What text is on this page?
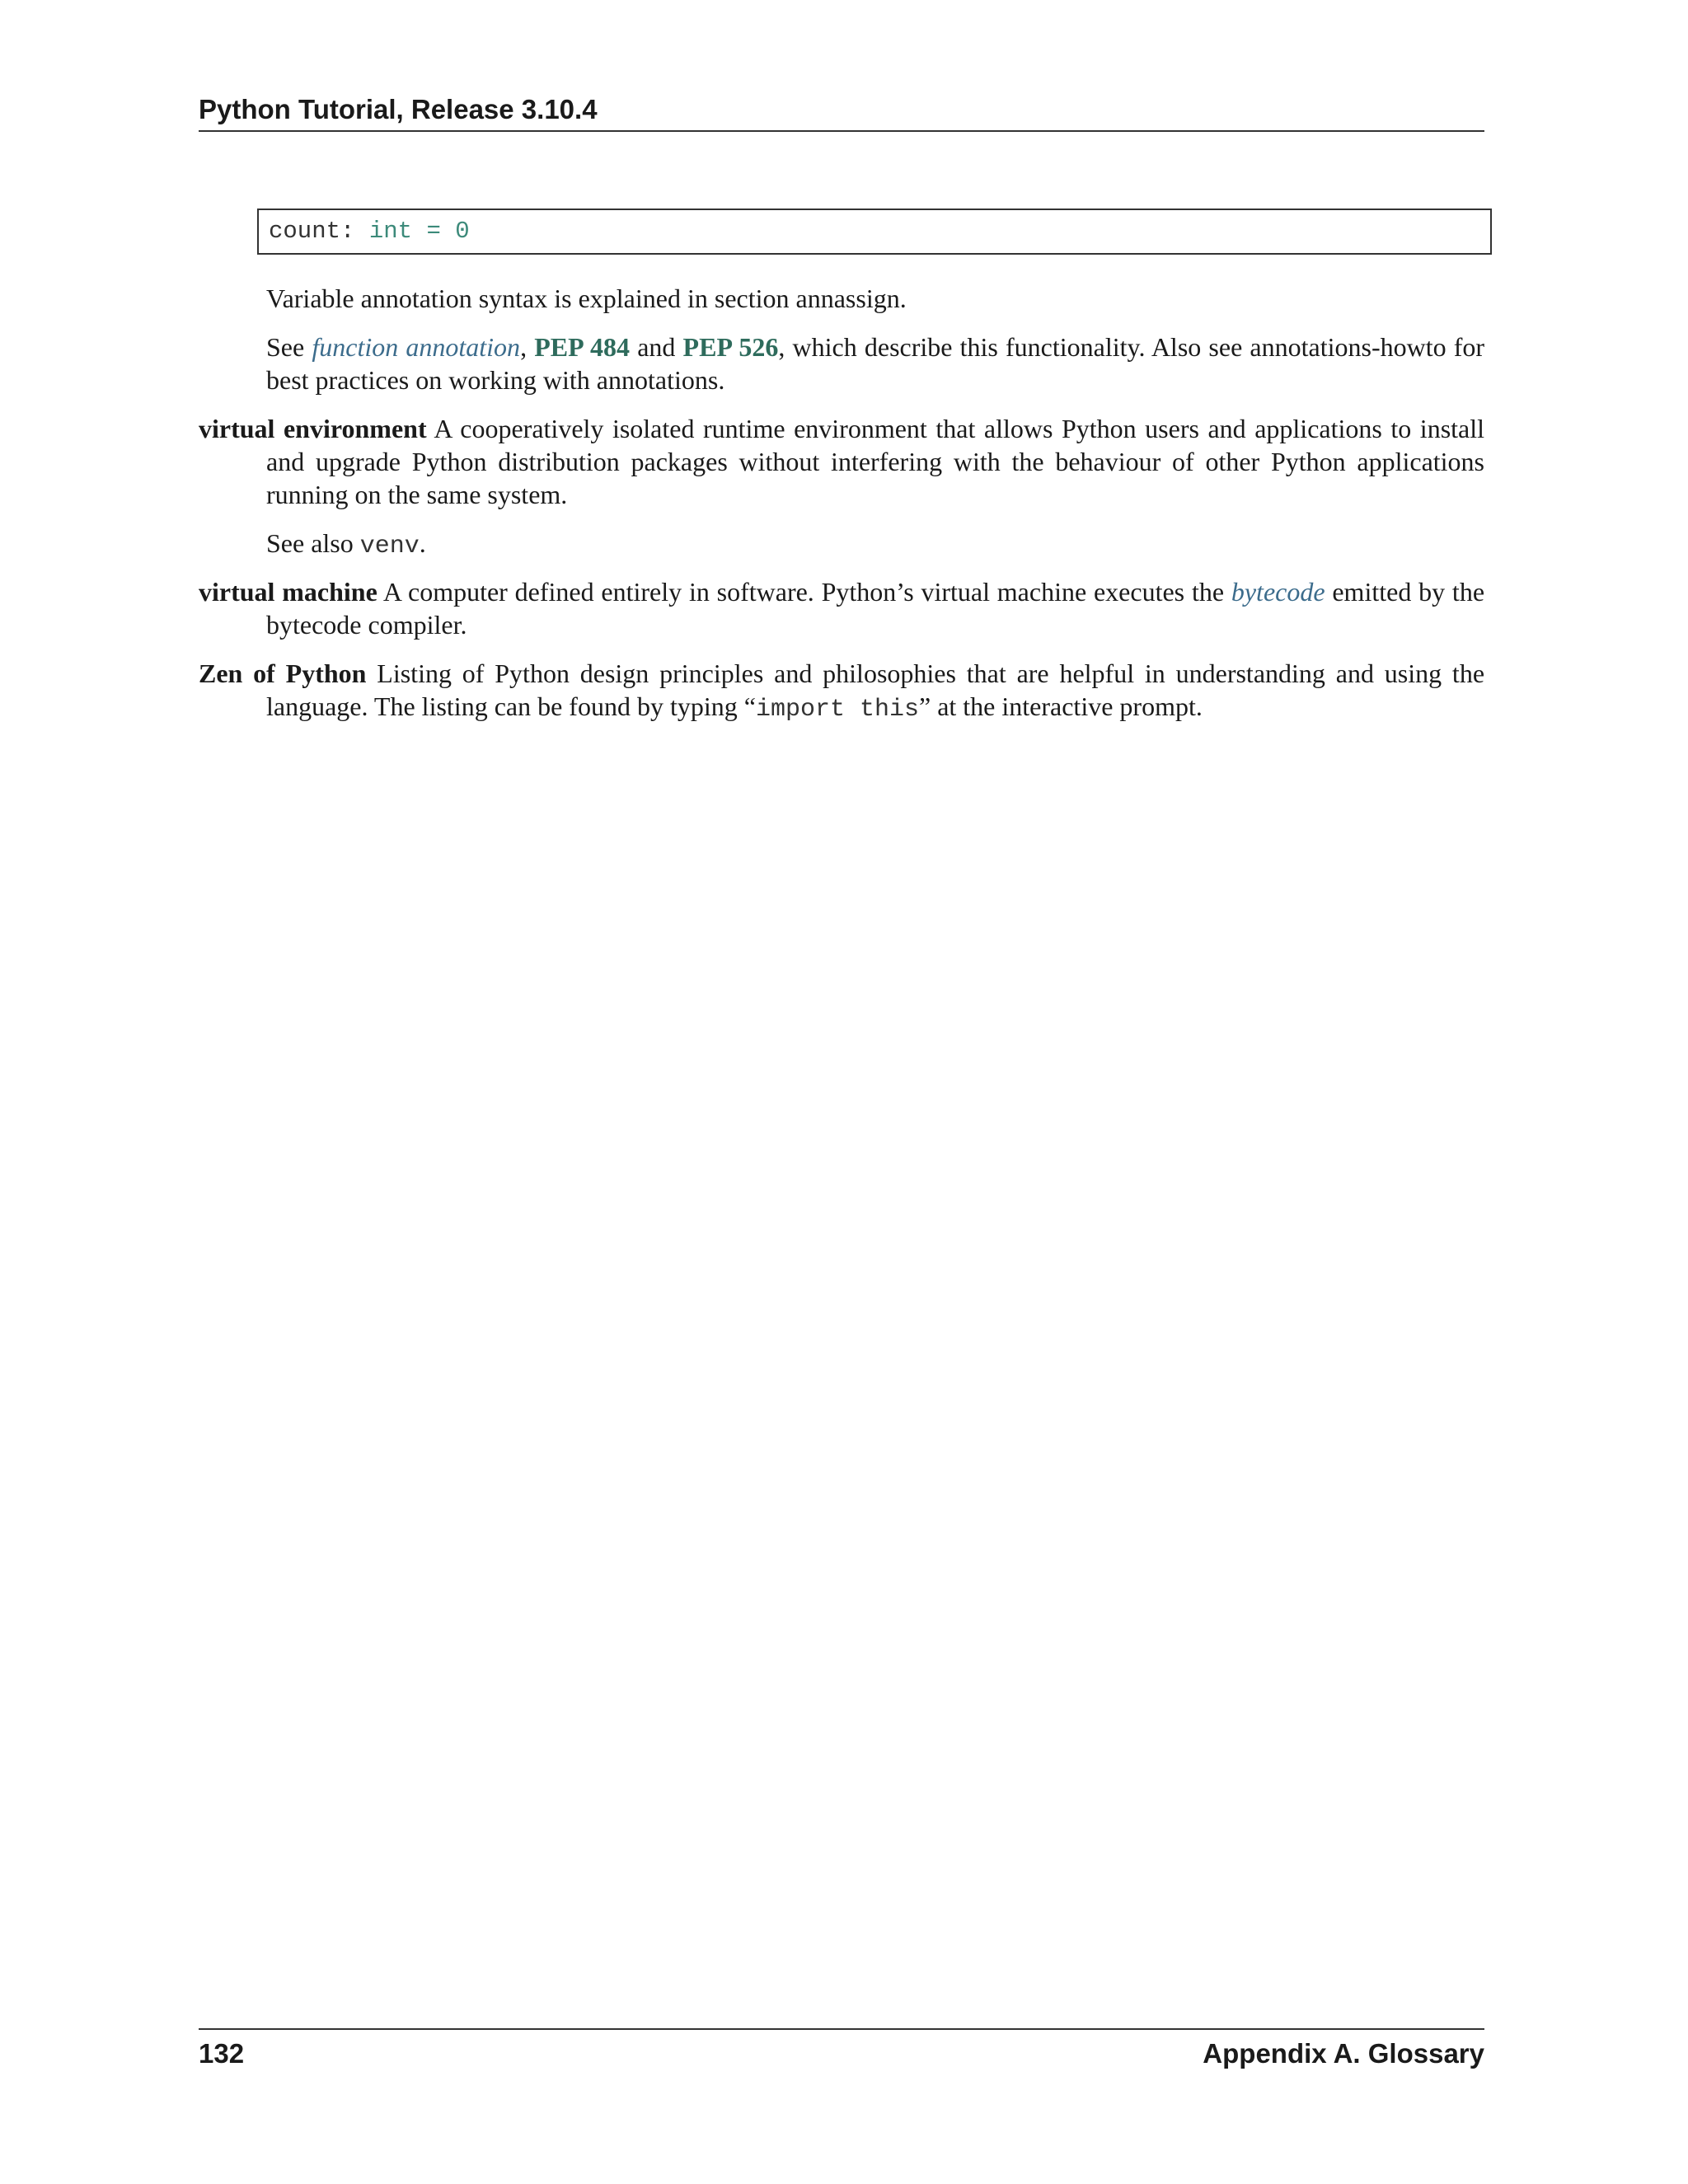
Python Tutorial, Release 3.10.4
count: int = 0
Variable annotation syntax is explained in section annassign.
See function annotation, PEP 484 and PEP 526, which describe this functionality. Also see annotations-howto for best practices on working with annotations.
virtual environment A cooperatively isolated runtime environment that allows Python users and applications to install and upgrade Python distribution packages without interfering with the behaviour of other Python applications running on the same system.
See also venv.
virtual machine A computer defined entirely in software. Python’s virtual machine executes the bytecode emitted by the bytecode compiler.
Zen of Python Listing of Python design principles and philosophies that are helpful in understanding and using the language. The listing can be found by typing “import this” at the interactive prompt.
132	Appendix A. Glossary
